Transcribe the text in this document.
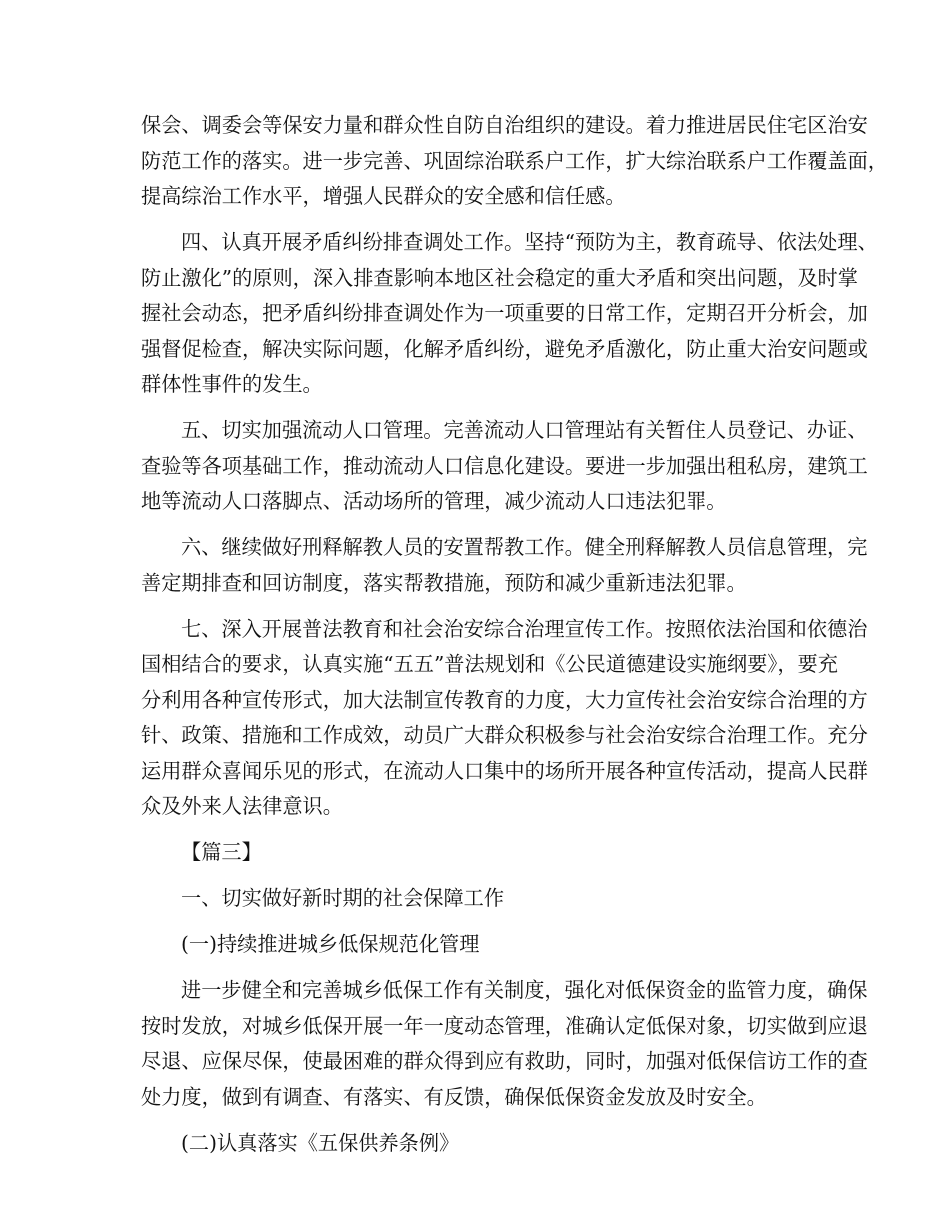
保会、调委会等保安力量和群众性自防自治组织的建设。着力推进居民住宅区治安

防范工作的落实。进一步完善、巩固综治联系户工作，扩大综治联系户工作覆盖面，

提高综治工作水平，增强人民群众的安全感和信任感。

四、认真开展矛盾纠纷排查调处工作。坚持“预防为主，教育疏导、依法处理、

防止激化”的原则，深入排查影响本地区社会稳定的重大矛盾和突出问题，及时掌

握社会动态，把矛盾纠纷排查调处作为一项重要的日常工作，定期召开分析会，加

强督促检查，解决实际问题，化解矛盾纠纷，避免矛盾激化，防止重大治安问题或

群体性事件的发生。

五、切实加强流动人口管理。完善流动人口管理站有关暂住人员登记、办证、

查验等各项基础工作，推动流动人口信息化建设。要进一步加强出租私房，建筑工

地等流动人口落脚点、活动场所的管理，减少流动人口违法犯罪。

六、继续做好刑释解教人员的安置帮教工作。健全刑释解教人员信息管理，完

善定期排查和回访制度，落实帮教措施，预防和减少重新违法犯罪。

七、深入开展普法教育和社会治安综合治理宣传工作。按照依法治国和依德治

国相结合的要求，认真实施“五五”普法规划和《公民道德建设实施纲要》，要充

分利用各种宣传形式，加大法制宣传教育的力度，大力宣传社会治安综合治理的方

针、政策、措施和工作成效，动员广大群众积极参与社会治安综合治理工作。充分

运用群众喜闻乐见的形式，在流动人口集中的场所开展各种宣传活动，提高人民群

众及外来人法律意识。

【篇三】

一、切实做好新时期的社会保障工作

(一)持续推进城乡低保规范化管理

进一步健全和完善城乡低保工作有关制度，强化对低保资金的监管力度，确保

按时发放，对城乡低保开展一年一度动态管理，准确认定低保对象，切实做到应退

尽退、应保尽保，使最困难的群众得到应有救助，同时，加强对低保信访工作的查

处力度，做到有调查、有落实、有反馈，确保低保资金发放及时安全。

(二)认真落实《五保供养条例》
